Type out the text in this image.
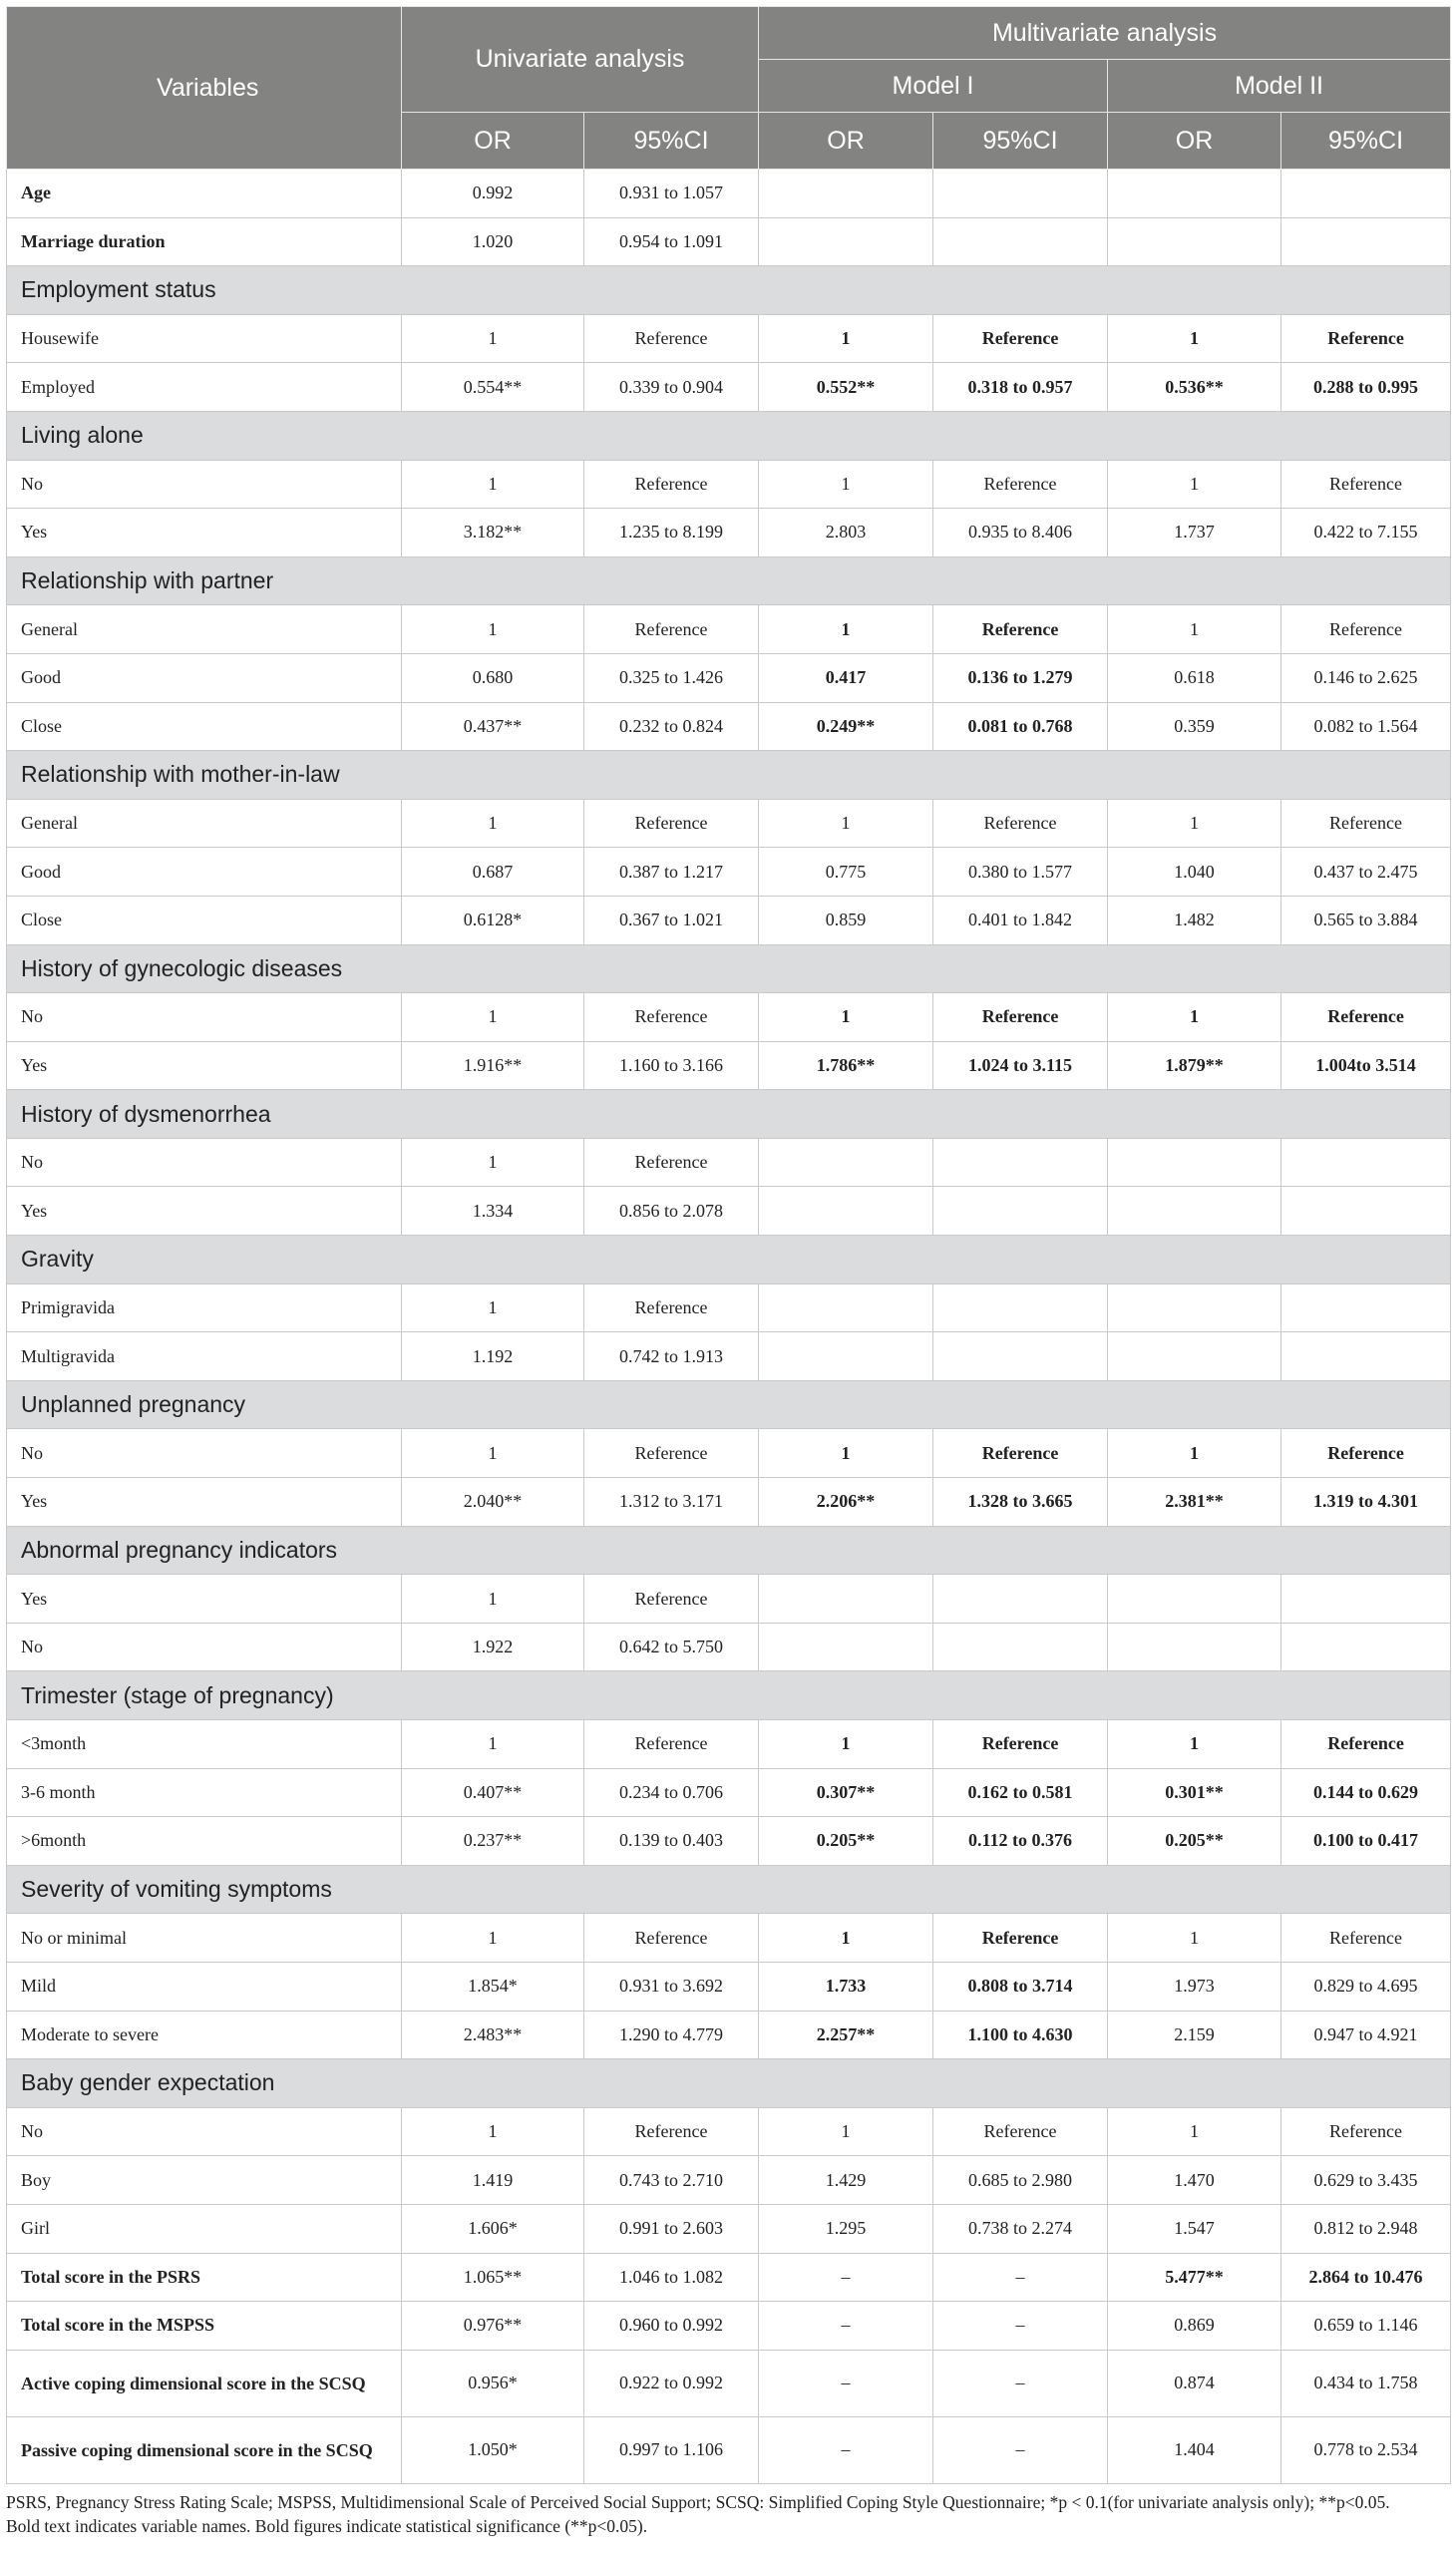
Variables	Univariate analysis		Multivariate analysis			
			Model I		Model II	
	OR	95%CI	OR	95%CI	OR	95%CI
Age	0.992	0.931 to 1.057				
Marriage duration	1.020	0.954 to 1.091				
Employment status						
Housewife	1	Reference	1	Reference	1	Reference
Employed	0.554**	0.339 to 0.904	0.552**	0.318 to 0.957	0.536**	0.288 to 0.995
Living alone						
No	1	Reference	1	Reference	1	Reference
Yes	3.182**	1.235 to 8.199	2.803	0.935 to 8.406	1.737	0.422 to 7.155
Relationship with partner						
General	1	Reference	1	Reference	1	Reference
Good	0.680	0.325 to 1.426	0.417	0.136 to 1.279	0.618	0.146 to 2.625
Close	0.437**	0.232 to 0.824	0.249**	0.081 to 0.768	0.359	0.082 to 1.564
Relationship with mother-in-law						
General	1	Reference	1	Reference	1	Reference
Good	0.687	0.387 to 1.217	0.775	0.380 to 1.577	1.040	0.437 to 2.475
Close	0.6128*	0.367 to 1.021	0.859	0.401 to 1.842	1.482	0.565 to 3.884
History of gynecologic diseases						
No	1	Reference	1	Reference	1	Reference
Yes	1.916**	1.160 to 3.166	1.786**	1.024 to 3.115	1.879**	1.004to 3.514
History of dysmenorrhea						
No	1	Reference				
Yes	1.334	0.856 to 2.078				
Gravity						
Primigravida	1	Reference				
Multigravida	1.192	0.742 to 1.913				
Unplanned pregnancy						
No	1	Reference	1	Reference	1	Reference
Yes	2.040**	1.312 to 3.171	2.206**	1.328 to 3.665	2.381**	1.319 to 4.301
Abnormal pregnancy indicators						
Yes	1	Reference				
No	1.922	0.642 to 5.750				
Trimester (stage of pregnancy)						
<3month	1	Reference	1	Reference	1	Reference
3-6 month	0.407**	0.234 to 0.706	0.307**	0.162 to 0.581	0.301**	0.144 to 0.629
>6month	0.237**	0.139 to 0.403	0.205**	0.112 to 0.376	0.205**	0.100 to 0.417
Severity of vomiting symptoms						
No or minimal	1	Reference	1	Reference	1	Reference
Mild	1.854*	0.931 to 3.692	1.733	0.808 to 3.714	1.973	0.829 to 4.695
Moderate to severe	2.483**	1.290 to 4.779	2.257**	1.100 to 4.630	2.159	0.947 to 4.921
Baby gender expectation						
No	1	Reference	1	Reference	1	Reference
Boy	1.419	0.743 to 2.710	1.429	0.685 to 2.980	1.470	0.629 to 3.435
Girl	1.606*	0.991 to 2.603	1.295	0.738 to 2.274	1.547	0.812 to 2.948
Total score in the PSRS	1.065**	1.046 to 1.082	–	–	5.477**	2.864 to 10.476
Total score in the MSPSS	0.976**	0.960 to 0.992	–	–	0.869	0.659 to 1.146
Active coping dimensional score in the SCSQ	0.956*	0.922 to 0.992	–	–	0.874	0.434 to 1.758
Passive coping dimensional score in the SCSQ	1.050*	0.997 to 1.106	–	–	1.404	0.778 to 2.534
PSRS, Pregnancy Stress Rating Scale; MSPSS, Multidimensional Scale of Perceived Social Support; SCSQ: Simplified Coping Style Questionnaire; *p < 0.1(for univariate analysis only); **p<0.05.
Bold text indicates variable names. Bold figures indicate statistical significance (**p<0.05).
